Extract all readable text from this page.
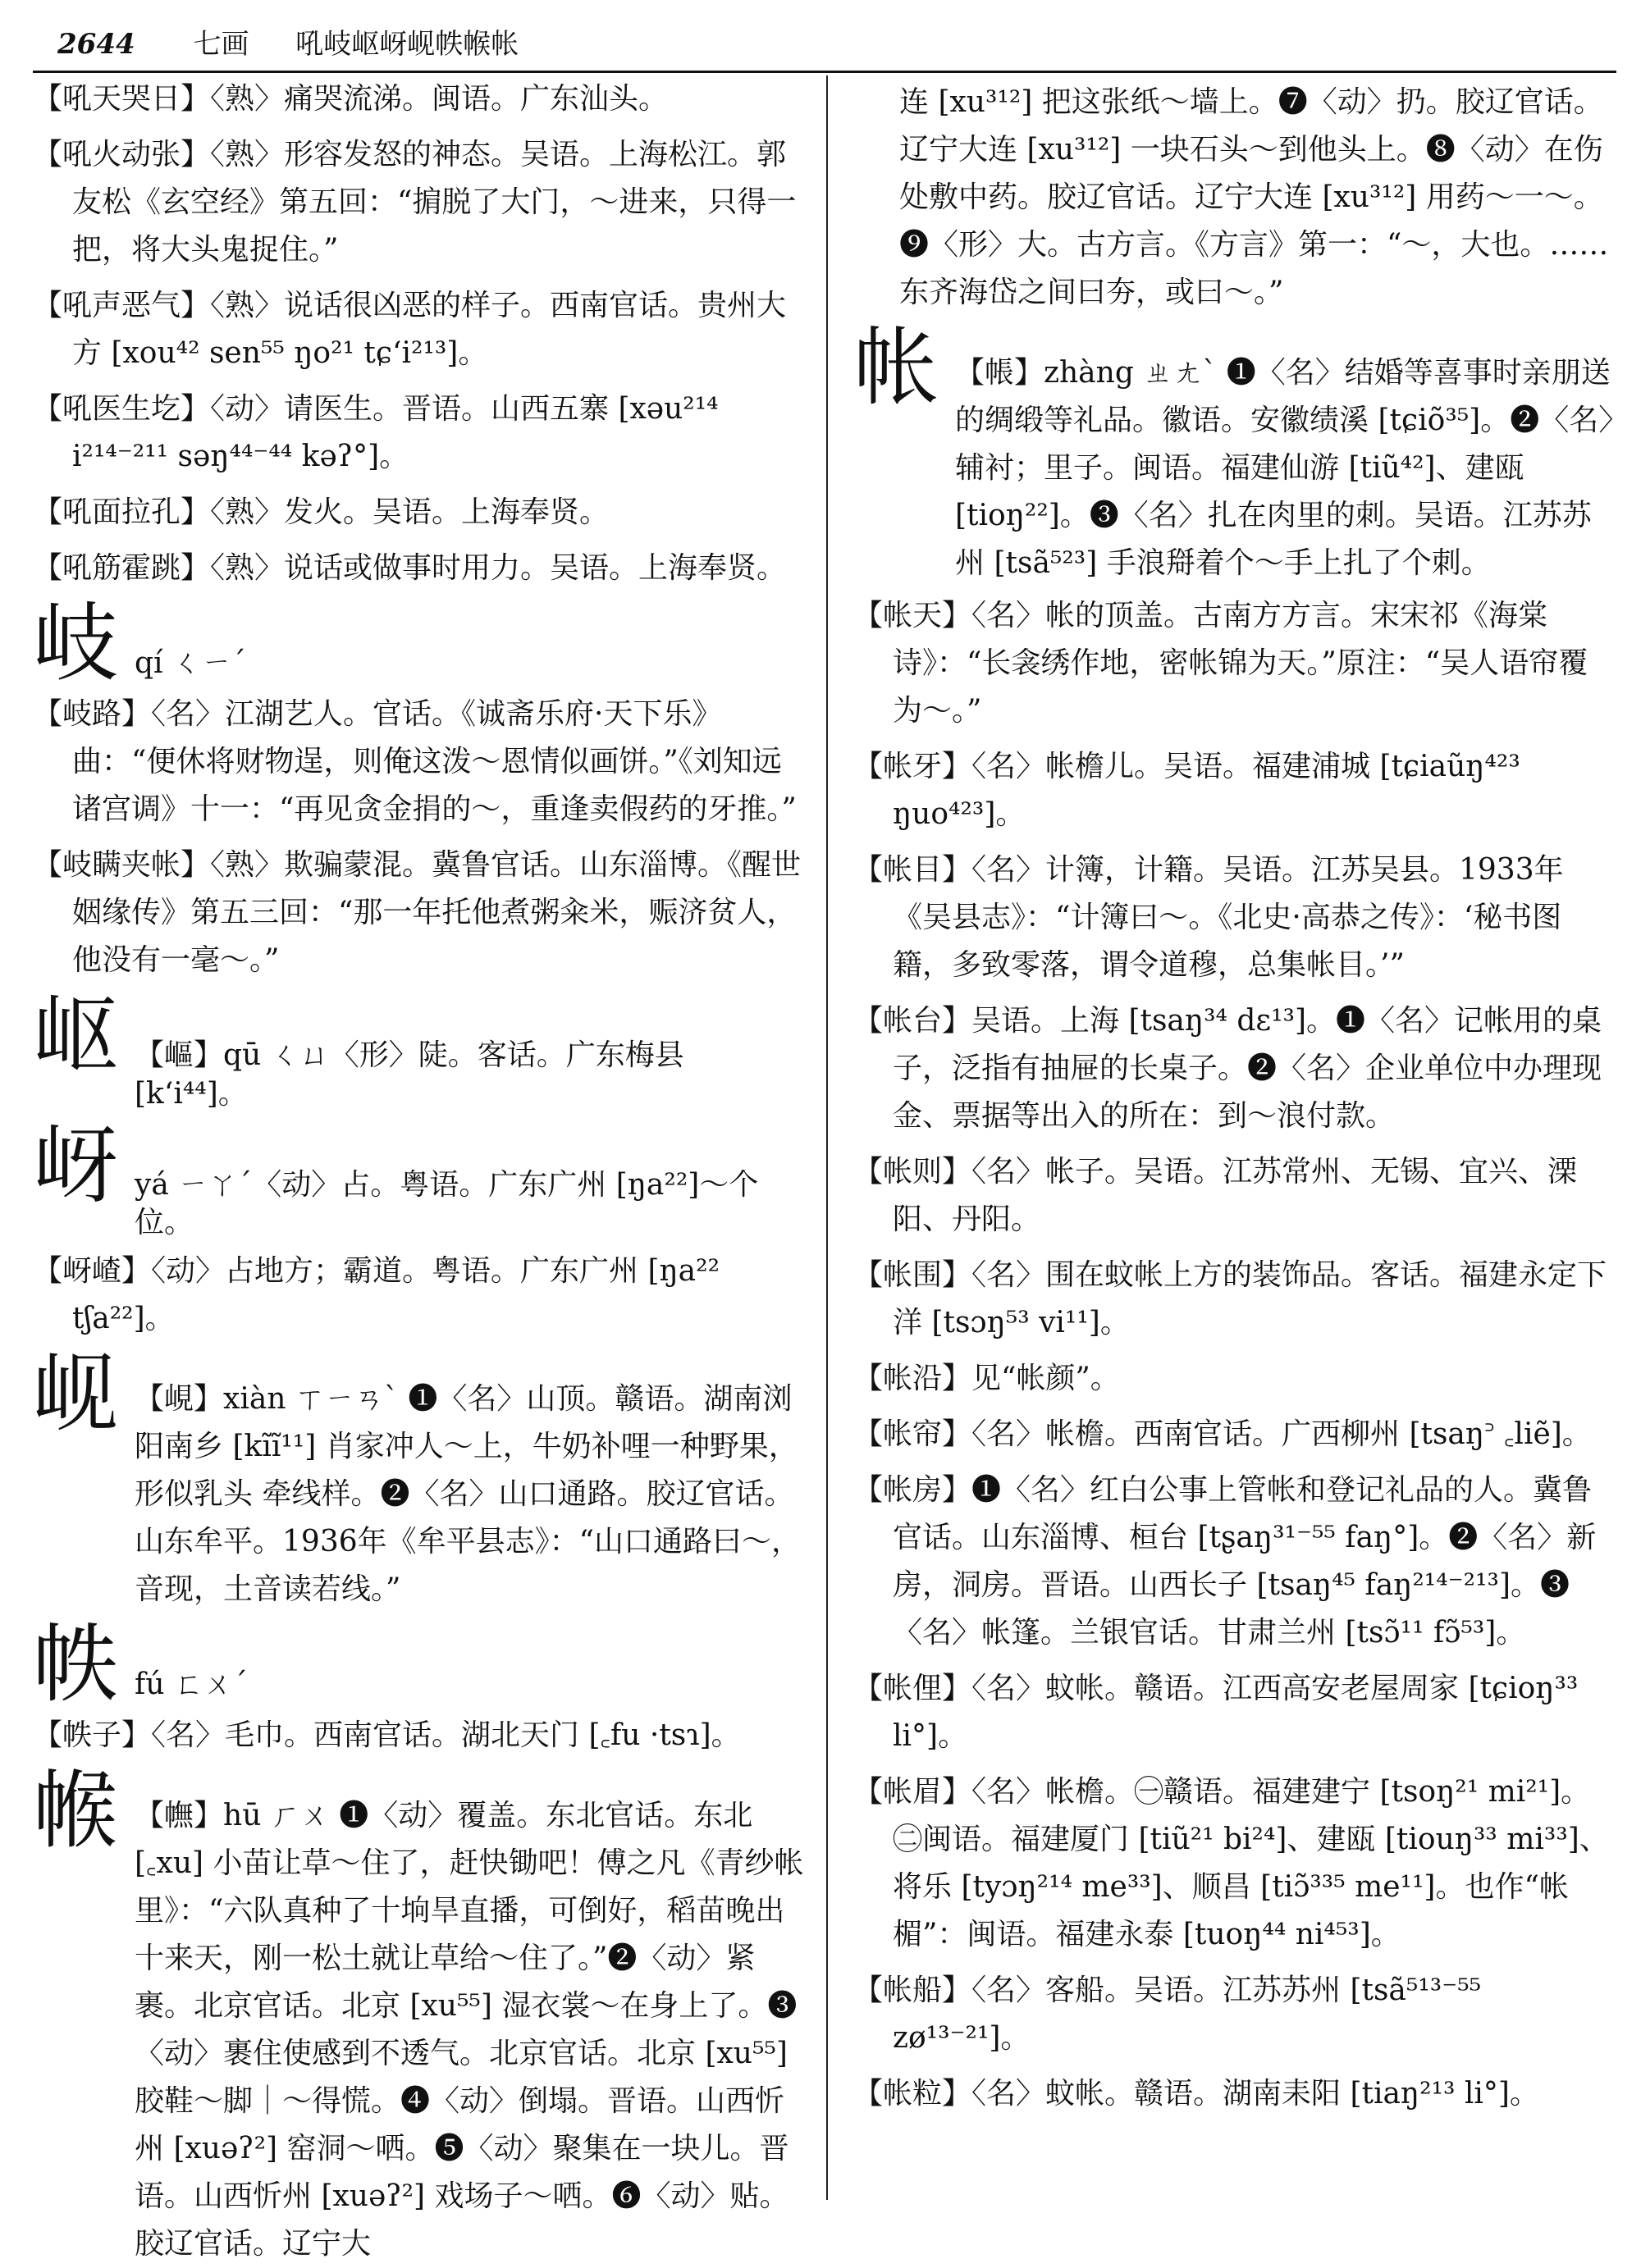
2644 七画 吼岐岖岈岘帙帿帐
【吼天哭日】〈熟〉痛哭流涕。闽语。广东汕头。
【吼火动张】〈熟〉形容发怒的神态。吴语。上海松江。郭友松《玄空经》第五回：“掮脱了大门，～进来，只得一把，将大头鬼捉住。”
【吼声恶气】〈熟〉说话很凶恶的样子。西南官话。贵州大方 [xou⁴² sen⁵⁵ ŋo²¹ tɕʻi²¹³]。
【吼医生圪】〈动〉请医生。晋语。山西五寨 [xəu²¹⁴ i²¹⁴⁻²¹¹ səŋ⁴⁴⁻⁴⁴ kəʔ°]。
【吼面拉孔】〈熟〉发火。吴语。上海奉贤。
【吼筋霍跳】〈熟〉说话或做事时用力。吴语。上海奉贤。
岐 qí ㄑㄧˊ
【岐路】〈名〉江湖艺人。官话。《诚斋乐府·天下乐》曲：“便休将财物逞，则俺这泼～恩情似画饼。”《刘知远诸宫调》十一：“再见贪金捐的～，重逢卖假药的牙推。”
【岐瞒夹帐】〈熟〉欺骗蒙混。冀鲁官话。山东淄博。《醒世姻缘传》第五三回：“那一年托他煮粥籴米，赈济贫人，他没有一毫～。”
岖 【嶇】qū ㄑㄩ〈形〉陡。客话。广东梅县 [kʻi⁴⁴]。
岈 yá ㄧㄚˊ〈动〉占。粤语。广东广州 [ŋa²²]～个位。
【岈嵖】〈动〉占地方；霸道。粤语。广东广州 [ŋa²² tʃa²²]。
岘 【峴】xiàn ㄒㄧㄢˋ ❶〈名〉山顶。赣语。湖南浏阳南乡 [kĩĩ¹¹] 肖家冲人～上，牛奶补哩一种野果，形似乳头 牵线样。❷〈名〉山口通路。胶辽官话。山东牟平。1936年《牟平县志》：“山口通路曰～，音现，土音读若线。”
帙 fú ㄈㄨˊ
【帙子】〈名〉毛巾。西南官话。湖北天门 [꜀fu ·tsɿ]。
帿 【幠】hū ㄏㄨ ❶〈动〉覆盖。东北官话。东北 [꜀xu] 小苗让草～住了，赶快锄吧！傅之凡《青纱帐里》：“六队真种了十垧旱直播，可倒好，稻苗晚出十来天，刚一松土就让草给～住了。”❷〈动〉紧裹。北京官话。北京 [xu⁵⁵] 湿衣裳～在身上了。❸〈动〉裹住使感到不透气。北京官话。北京 [xu⁵⁵] 胶鞋～脚｜～得慌。❹〈动〉倒塌。晋语。山西忻州 [xuəʔ²] 窑洞～哂。❺〈动〉聚集在一块儿。晋语。山西忻州 [xuəʔ²] 戏场子～哂。❻〈动〉贴。胶辽官话。辽宁大
连 [xu³¹²] 把这张纸～墙上。❼〈动〉扔。胶辽官话。辽宁大连 [xu³¹²] 一块石头～到他头上。❽〈动〉在伤处敷中药。胶辽官话。辽宁大连 [xu³¹²] 用药～一～。❾〈形〉大。古方言。《方言》第一：“～，大也。……东齐海岱之间曰夯，或曰～。”
帐 【帳】zhàng ㄓㄤˋ ❶〈名〉结婚等喜事时亲朋送的绸缎等礼品。徽语。安徽绩溪 [tɕiõ³⁵]。❷〈名〉辅衬；里子。闽语。福建仙游 [tiũ⁴²]、建瓯 [tioŋ²²]。❸〈名〉扎在肉里的刺。吴语。江苏苏州 [tsã⁵²³] 手浪搿着个～手上扎了个刺。
【帐天】〈名〉帐的顶盖。古南方方言。宋宋祁《海棠诗》：“长衾绣作地，密帐锦为天。”原注：“吴人语帘覆为～。”
【帐牙】〈名〉帐檐儿。吴语。福建浦城 [tɕiaũŋ⁴²³ ŋuo⁴²³]。
【帐目】〈名〉计簿，计籍。吴语。江苏吴县。1933年《吴县志》：“计簿曰～。《北史·高恭之传》：‘秘书图籍，多致零落，谓令道穆，总集帐目。’”
【帐台】吴语。上海 [tsaŋ³⁴ dɛ¹³]。❶〈名〉记帐用的桌子，泛指有抽屉的长桌子。❷〈名〉企业单位中办理现金、票据等出入的所在：到～浪付款。
【帐则】〈名〉帐子。吴语。江苏常州、无锡、宜兴、溧阳、丹阳。
【帐围】〈名〉围在蚊帐上方的装饰品。客话。福建永定下洋 [tsɔŋ⁵³ vi¹¹]。
【帐沿】见“帐颜”。
【帐帘】〈名〉帐檐。西南官话。广西柳州 [tsaŋ꜄ ꜀liẽ]。
【帐房】❶〈名〉红白公事上管帐和登记礼品的人。冀鲁官话。山东淄博、桓台 [tʂaŋ³¹⁻⁵⁵ faŋ°]。❷〈名〉新房，洞房。晋语。山西长子 [tsaŋ⁴⁵ faŋ²¹⁴⁻²¹³]。❸〈名〉帐篷。兰银官话。甘肃兰州 [tsɔ̃¹¹ fɔ̃⁵³]。
【帐俚】〈名〉蚊帐。赣语。江西高安老屋周家 [tɕioŋ³³ li°]。
【帐眉】〈名〉帐檐。㊀赣语。福建建宁 [tsoŋ²¹ mi²¹]。㊁闽语。福建厦门 [tiũ²¹ bi²⁴]、建瓯 [tiouŋ³³ mi³³]、将乐 [tyɔŋ²¹⁴ me³³]、顺昌 [tiɔ̃³³⁵ me¹¹]。也作“帐楣”：闽语。福建永泰 [tuoŋ⁴⁴ ni⁴⁵³]。
【帐船】〈名〉客船。吴语。江苏苏州 [tsã⁵¹³⁻⁵⁵ zø¹³⁻²¹]。
【帐粒】〈名〉蚊帐。赣语。湖南耒阳 [tiaŋ²¹³ li°]。
